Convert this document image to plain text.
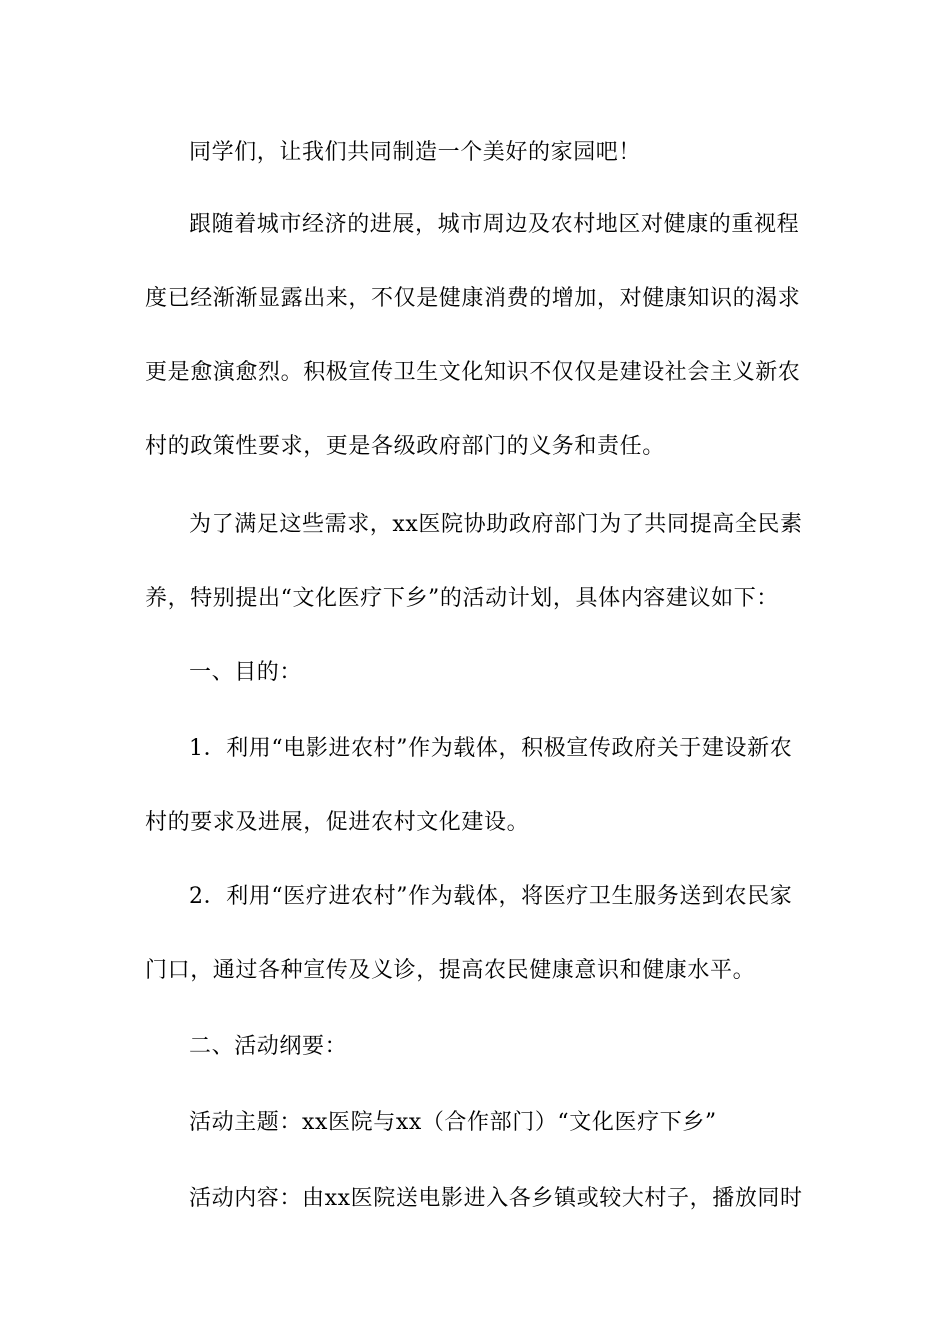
同学们，让我们共同制造一个美好的家园吧！
跟随着城市经济的进展，城市周边及农村地区对健康的重视程
度已经渐渐显露出来，不仅是健康消费的增加，对健康知识的渴求
更是愈演愈烈。积极宣传卫生文化知识不仅仅是建设社会主义新农
村的政策性要求，更是各级政府部门的义务和责任。
为了满足这些需求，xx医院协助政府部门为了共同提高全民素
养，特别提出“文化医疗下乡”的活动计划，具体内容建议如下：
一、目的：
1．利用“电影进农村”作为载体，积极宣传政府关于建设新农
村的要求及进展，促进农村文化建设。
2．利用“医疗进农村”作为载体，将医疗卫生服务送到农民家
门口，通过各种宣传及义诊，提高农民健康意识和健康水平。
二、活动纲要：
活动主题：xx医院与xx（合作部门）“文化医疗下乡”
活动内容：由xx医院送电影进入各乡镇或较大村子，播放同时
